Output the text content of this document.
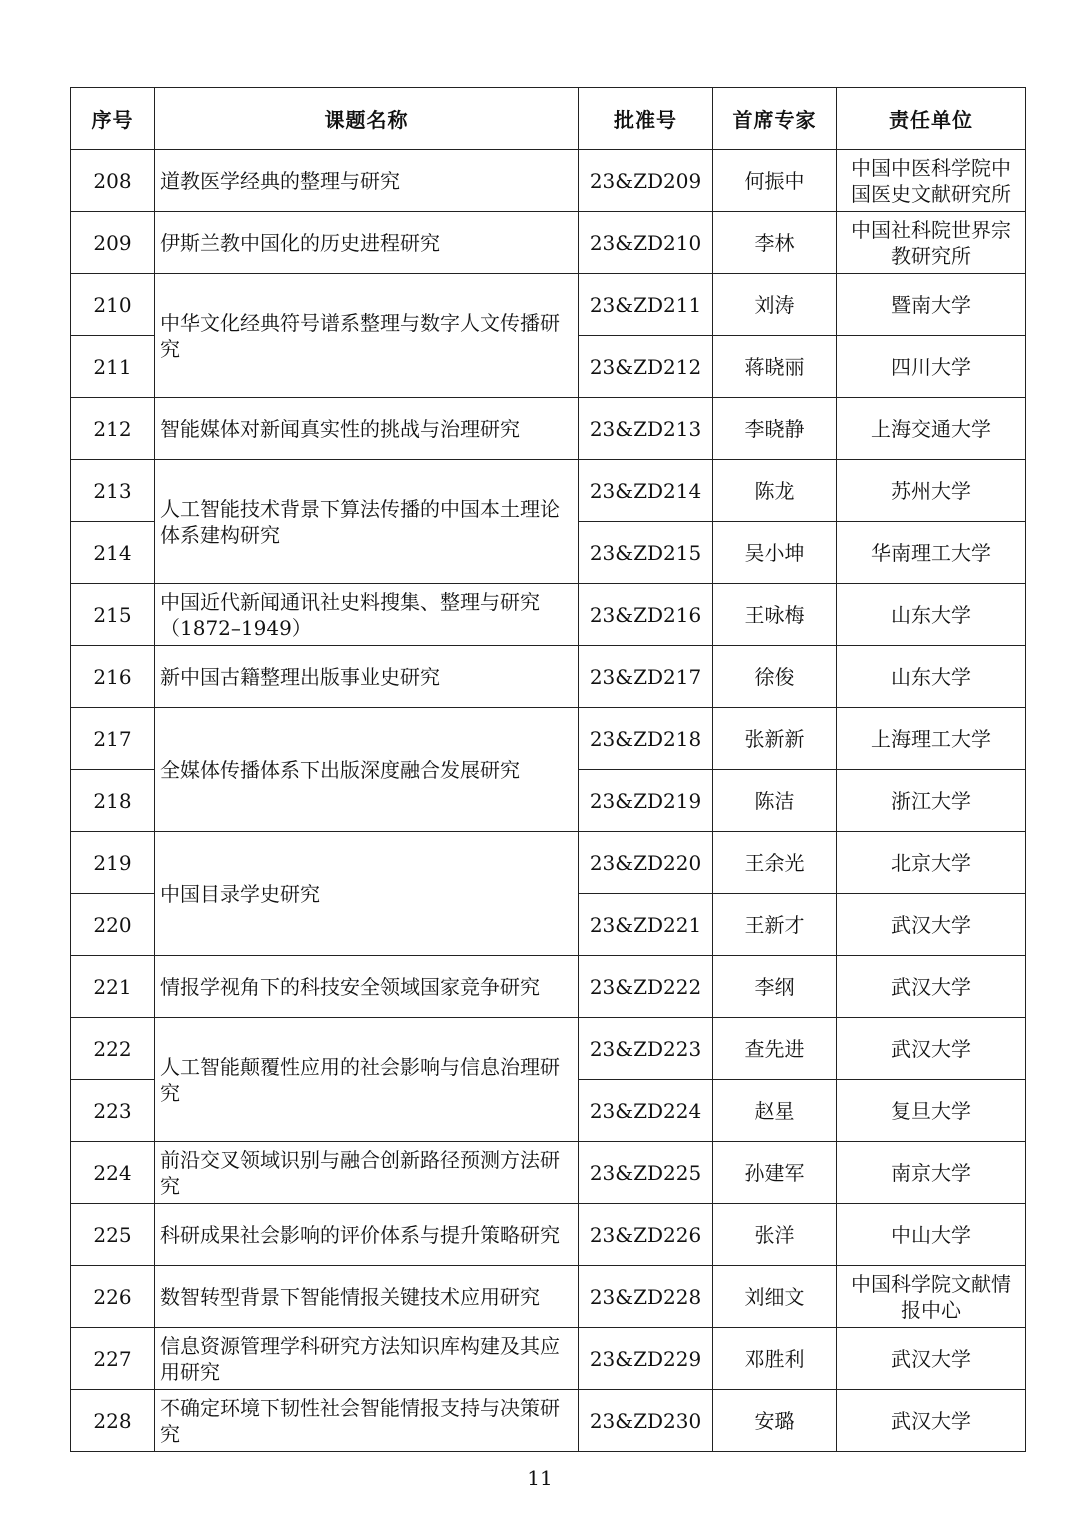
序号	课题名称	批准号	首席专家	责任单位
208	道教医学经典的整理与研究	23&ZD209	何振中	中国中医科学院中国医史文献研究所
209	伊斯兰教中国化的历史进程研究	23&ZD210	李林	中国社科院世界宗教研究所
210	中华文化经典符号谱系整理与数字人文传播研究	23&ZD211	刘涛	暨南大学
211		23&ZD212	蒋晓丽	四川大学
212	智能媒体对新闻真实性的挑战与治理研究	23&ZD213	李晓静	上海交通大学
213	人工智能技术背景下算法传播的中国本土理论体系建构研究	23&ZD214	陈龙	苏州大学
214		23&ZD215	吴小坤	华南理工大学
215	中国近代新闻通讯社史料搜集、整理与研究（1872–1949）	23&ZD216	王咏梅	山东大学
216	新中国古籍整理出版事业史研究	23&ZD217	徐俊	山东大学
217	全媒体传播体系下出版深度融合发展研究	23&ZD218	张新新	上海理工大学
218		23&ZD219	陈洁	浙江大学
219	中国目录学史研究	23&ZD220	王余光	北京大学
220		23&ZD221	王新才	武汉大学
221	情报学视角下的科技安全领域国家竞争研究	23&ZD222	李纲	武汉大学
222	人工智能颠覆性应用的社会影响与信息治理研究	23&ZD223	查先进	武汉大学
223		23&ZD224	赵星	复旦大学
224	前沿交叉领域识别与融合创新路径预测方法研究	23&ZD225	孙建军	南京大学
225	科研成果社会影响的评价体系与提升策略研究	23&ZD226	张洋	中山大学
226	数智转型背景下智能情报关键技术应用研究	23&ZD228	刘细文	中国科学院文献情报中心
227	信息资源管理学科研究方法知识库构建及其应用研究	23&ZD229	邓胜利	武汉大学
228	不确定环境下韧性社会智能情报支持与决策研究	23&ZD230	安璐	武汉大学
11
